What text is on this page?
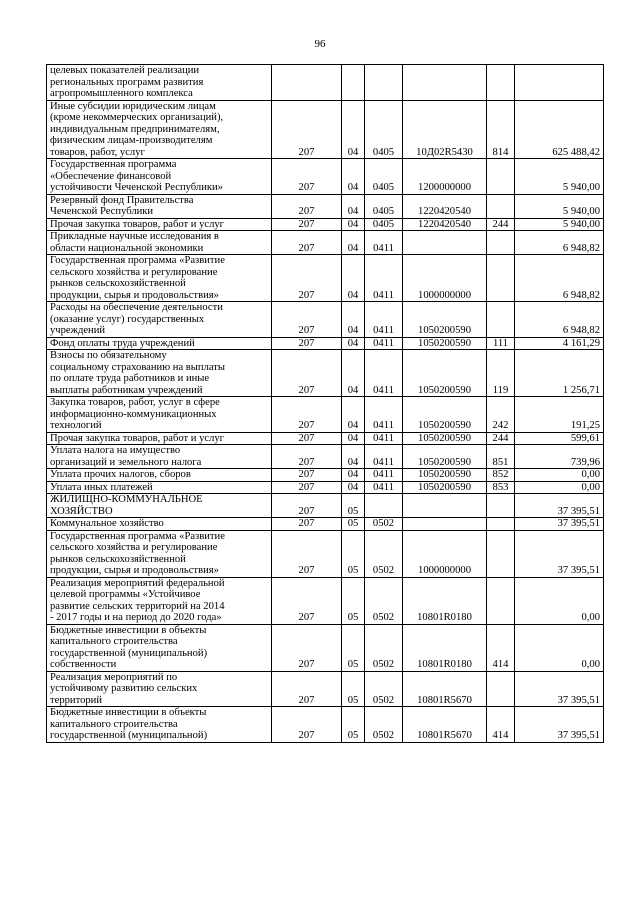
96
целевых показателей реализации
региональных программ развития
агропромышленного комплекса						
Иные субсидии юридическим лицам
(кроме некоммерческих организаций),
индивидуальным предпринимателям,
физическим лицам-производителям
товаров, работ, услуг	207	04	0405	10Д02R5430	814	625 488,42
Государственная программа
«Обеспечение финансовой
устойчивости Чеченской Республики»	207	04	0405	1200000000		5 940,00
Резервный фонд Правительства
Чеченской Республики	207	04	0405	1220420540		5 940,00
Прочая закупка товаров, работ и услуг	207	04	0405	1220420540	244	5 940,00
Прикладные научные исследования в
области национальной экономики	207	04	0411			6 948,82
Государственная программа «Развитие
сельского хозяйства и регулирование
рынков сельскохозяйственной
продукции, сырья и продовольствия»	207	04	0411	1000000000		6 948,82
Расходы на обеспечение деятельности
(оказание услуг) государственных
учреждений	207	04	0411	1050200590		6 948,82
Фонд оплаты труда учреждений	207	04	0411	1050200590	111	4 161,29
Взносы по обязательному
социальному страхованию на выплаты
по оплате труда работников и иные
выплаты работникам учреждений	207	04	0411	1050200590	119	1 256,71
Закупка товаров, работ, услуг в сфере
информационно-коммуникационных
технологий	207	04	0411	1050200590	242	191,25
Прочая закупка товаров, работ и услуг	207	04	0411	1050200590	244	599,61
Уплата налога на имущество
организаций и земельного налога	207	04	0411	1050200590	851	739,96
Уплата прочих налогов, сборов	207	04	0411	1050200590	852	0,00
Уплата иных платежей	207	04	0411	1050200590	853	0,00
ЖИЛИЩНО-КОММУНАЛЬНОЕ
ХОЗЯЙСТВО	207	05				37 395,51
Коммунальное хозяйство	207	05	0502			37 395,51
Государственная программа «Развитие
сельского хозяйства и регулирование
рынков сельскохозяйственной
продукции, сырья и продовольствия»	207	05	0502	1000000000		37 395,51
Реализация мероприятий федеральной
целевой программы «Устойчивое
развитие сельских территорий на 2014
- 2017 годы и на период до 2020 года»	207	05	0502	10801R0180		0,00
Бюджетные инвестиции в объекты
капитального строительства
государственной (муниципальной)
собственности	207	05	0502	10801R0180	414	0,00
Реализация мероприятий по
устойчивому развитию сельских
территорий	207	05	0502	10801R5670		37 395,51
Бюджетные инвестиции в объекты
капитального строительства
государственной (муниципальной)	207	05	0502	10801R5670	414	37 395,51
